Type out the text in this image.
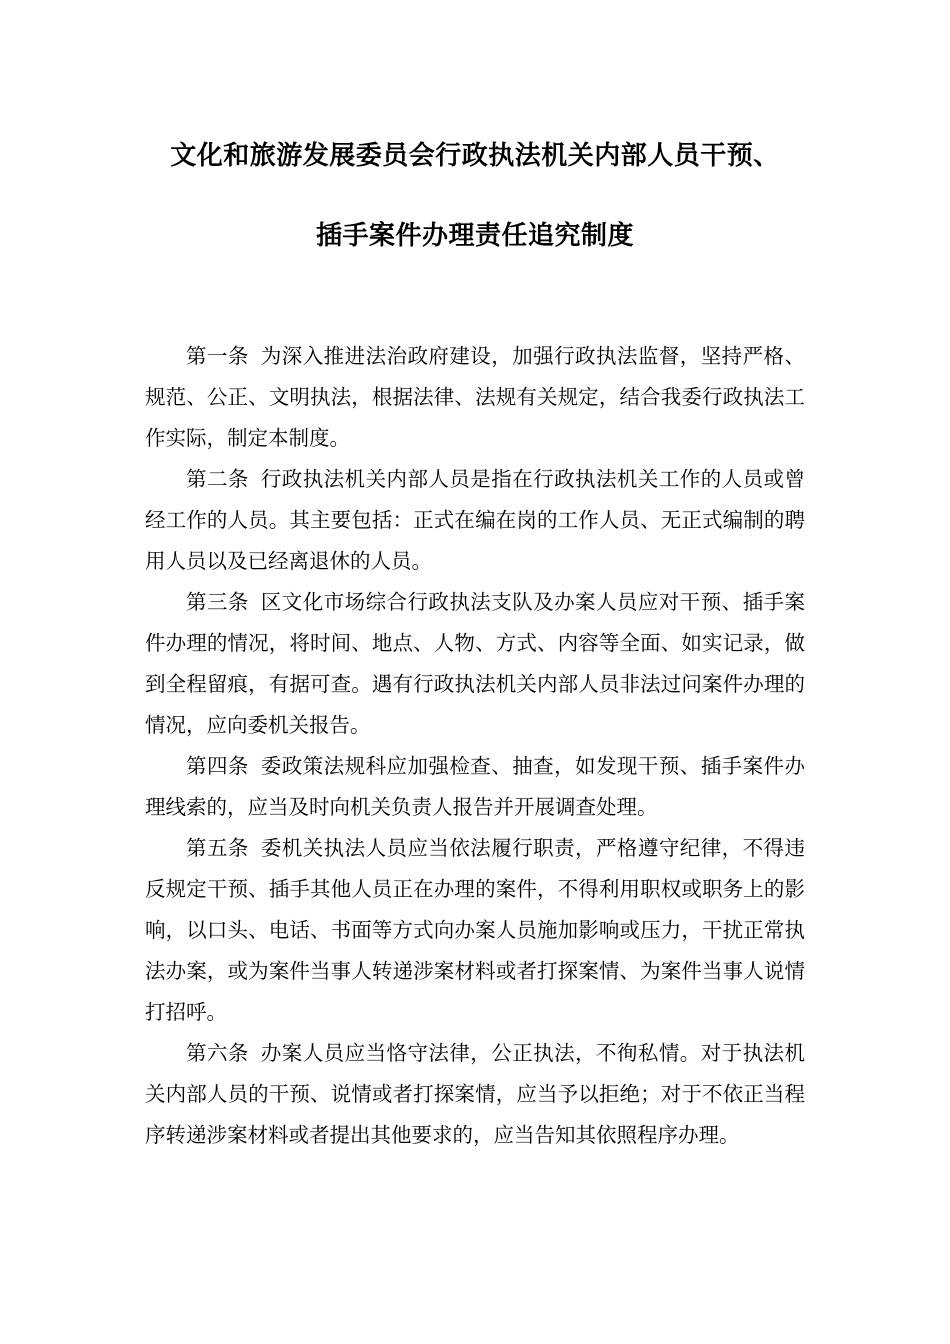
文化和旅游发展委员会行政执法机关内部人员干预、
插手案件办理责任追究制度

第一条 为深入推进法治政府建设，加强行政执法监督，坚持严格、规范、公正、文明执法，根据法律、法规有关规定，结合我委行政执法工作实际，制定本制度。

第二条 行政执法机关内部人员是指在行政执法机关工作的人员或曾经工作的人员。其主要包括：正式在编在岗的工作人员、无正式编制的聘用人员以及已经离退休的人员。

第三条 区文化市场综合行政执法支队及办案人员应对干预、插手案件办理的情况，将时间、地点、人物、方式、内容等全面、如实记录，做到全程留痕，有据可查。遇有行政执法机关内部人员非法过问案件办理的情况，应向委机关报告。

第四条 委政策法规科应加强检查、抽查，如发现干预、插手案件办理线索的，应当及时向机关负责人报告并开展调查处理。

第五条 委机关执法人员应当依法履行职责，严格遵守纪律，不得违反规定干预、插手其他人员正在办理的案件，不得利用职权或职务上的影响，以口头、电话、书面等方式向办案人员施加影响或压力，干扰正常执法办案，或为案件当事人转递涉案材料或者打探案情、为案件当事人说情打招呼。

第六条 办案人员应当恪守法律，公正执法，不徇私情。对于执法机关内部人员的干预、说情或者打探案情，应当予以拒绝；对于不依正当程序转递涉案材料或者提出其他要求的，应当告知其依照程序办理。
